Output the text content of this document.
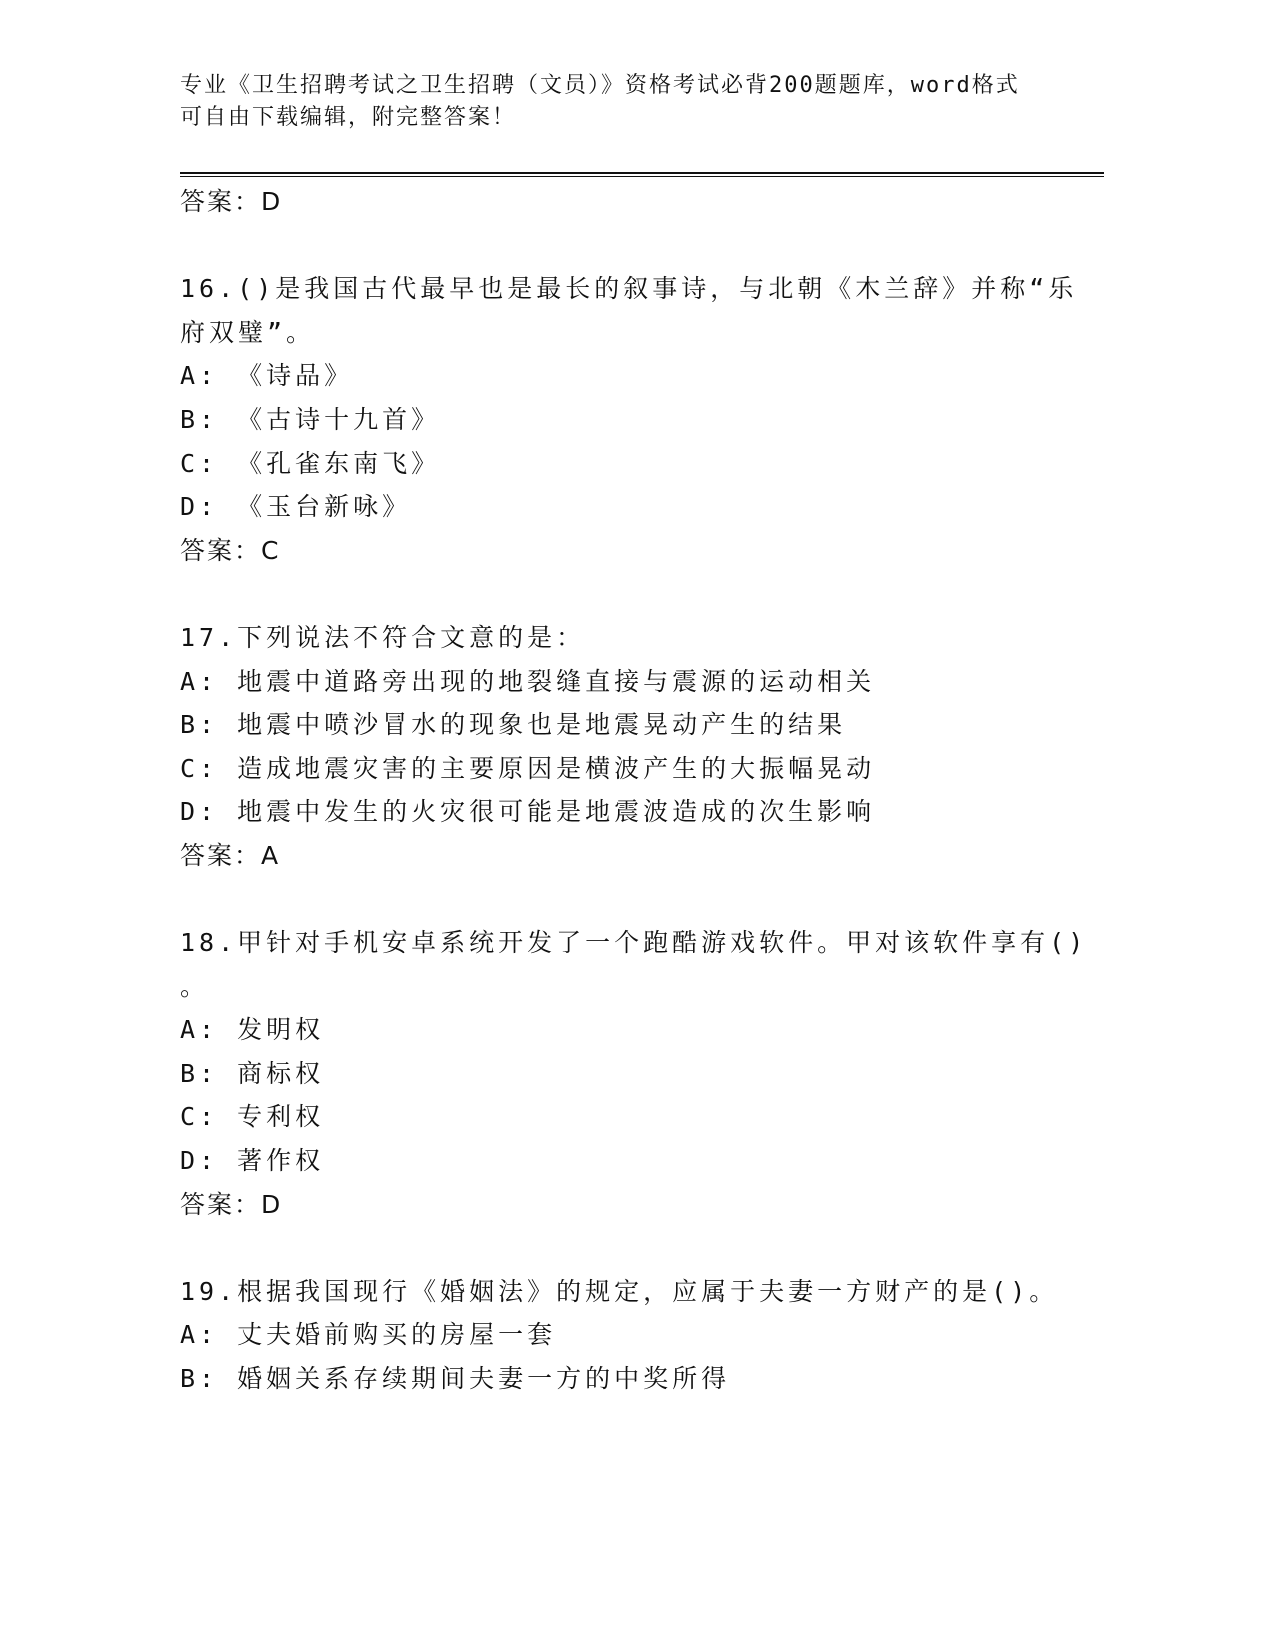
专业《卫生招聘考试之卫生招聘（文员）》资格考试必背200题题库，word格式
可自由下载编辑，附完整答案！
答案：D
16.()是我国古代最早也是最长的叙事诗，与北朝《木兰辞》并称“乐
府双璧”。
A: 《诗品》
B: 《古诗十九首》
C: 《孔雀东南飞》
D: 《玉台新咏》
答案：C
17.下列说法不符合文意的是：
A: 地震中道路旁出现的地裂缝直接与震源的运动相关
B: 地震中喷沙冒水的现象也是地震晃动产生的结果
C: 造成地震灾害的主要原因是横波产生的大振幅晃动
D: 地震中发生的火灾很可能是地震波造成的次生影响
答案：A
18.甲针对手机安卓系统开发了一个跑酷游戏软件。甲对该软件享有()
。
A: 发明权
B: 商标权
C: 专利权
D: 著作权
答案：D
19.根据我国现行《婚姻法》的规定，应属于夫妻一方财产的是()。
A: 丈夫婚前购买的房屋一套
B: 婚姻关系存续期间夫妻一方的中奖所得
